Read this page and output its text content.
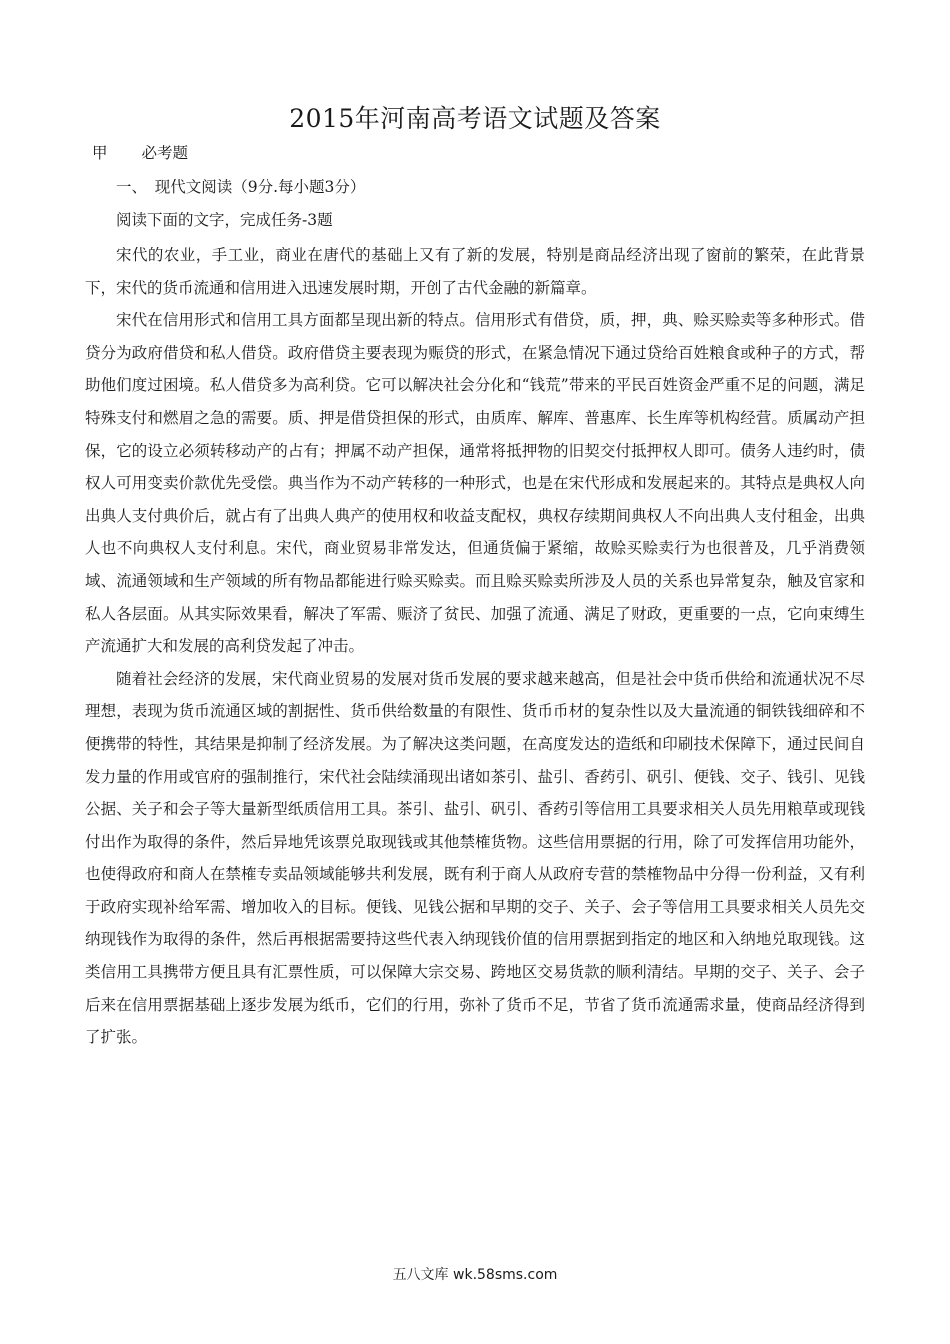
2015年河南高考语文试题及答案
甲 必考题
一、　现代文阅读（9分.每小题3分）
阅读下面的文字，完成任务-3题

宋代的农业，手工业，商业在唐代的基础上又有了新的发展，特别是商品经济出现了窗前的繁荣，在此背景下，宋代的货币流通和信用进入迅速发展时期，开创了古代金融的新篇章。

宋代在信用形式和信用工具方面都呈现出新的特点。信用形式有借贷，质，押，典、赊买赊卖等多种形式。借贷分为政府借贷和私人借贷。政府借贷主要表现为赈贷的形式，在紧急情况下通过贷给百姓粮食或种子的方式，帮助他们度过困境。私人借贷多为高利贷。它可以解决社会分化和“钱荒”带来的平民百姓资金严重不足的问题，满足特殊支付和燃眉之急的需要。质、押是借贷担保的形式，由质库、解库、普惠库、长生库等机构经营。质属动产担保，它的设立必须转移动产的占有；押属不动产担保，通常将抵押物的旧契交付抵押权人即可。债务人违约时，债权人可用变卖价款优先受偿。典当作为不动产转移的一种形式，也是在宋代形成和发展起来的。其特点是典权人向出典人支付典价后，就占有了出典人典产的使用权和收益支配权，典权存续期间典权人不向出典人支付租金，出典人也不向典权人支付利息。宋代，商业贸易非常发达，但通货偏于紧缩，故赊买赊卖行为也很普及，几乎消费领域、流通领域和生产领域的所有物品都能进行赊买赊卖。而且赊买赊卖所涉及人员的关系也异常复杂，触及官家和私人各层面。从其实际效果看，解决了军需、赈济了贫民、加强了流通、满足了财政，更重要的一点，它向束缚生产流通扩大和发展的高利贷发起了冲击。

随着社会经济的发展，宋代商业贸易的发展对货币发展的要求越来越高，但是社会中货币供给和流通状况不尽理想，表现为货币流通区域的割据性、货币供给数量的有限性、货币币材的复杂性以及大量流通的铜铁钱细碎和不便携带的特性，其结果是抑制了经济发展。为了解决这类问题，在高度发达的造纸和印刷技术保障下，通过民间自发力量的作用或官府的强制推行，宋代社会陆续涌现出诸如茶引、盐引、香药引、矾引、便钱、交子、钱引、见钱公据、关子和会子等大量新型纸质信用工具。茶引、盐引、矾引、香药引等信用工具要求相关人员先用粮草或现钱付出作为取得的条件，然后异地凭该票兑取现钱或其他禁榷货物。这些信用票据的行用，除了可发挥信用功能外，也使得政府和商人在禁榷专卖品领域能够共利发展，既有利于商人从政府专营的禁榷物品中分得一份利益，又有利于政府实现补给军需、增加收入的目标。便钱、见钱公据和早期的交子、关子、会子等信用工具要求相关人员先交纳现钱作为取得的条件，然后再根据需要持这些代表入纳现钱价值的信用票据到指定的地区和入纳地兑取现钱。这类信用工具携带方便且具有汇票性质，可以保障大宗交易、跨地区交易货款的顺利清结。早期的交子、关子、会子后来在信用票据基础上逐步发展为纸币，它们的行用，弥补了货币不足，节省了货币流通需求量，使商品经济得到了扩张。

五八文库 wk.58sms.com
